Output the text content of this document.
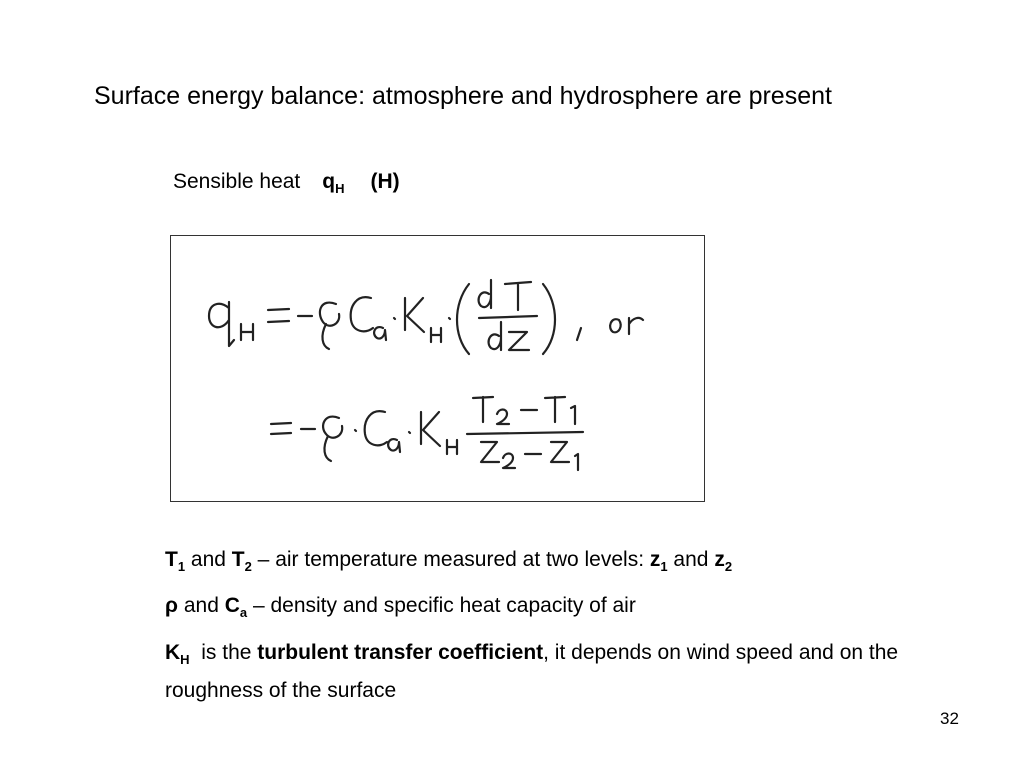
Surface energy balance: atmosphere and hydrosphere are present
Sensible heat $q_H$ (H)
$T_1$ and $T_2$ – air temperature measured at two levels: $z_1$ and $z_2$
ρ and $C_a$ – density and specific heat capacity of air
$K_H$  is the turbulent transfer coefficient, it depends on wind speed and on the roughness of the surface
32
